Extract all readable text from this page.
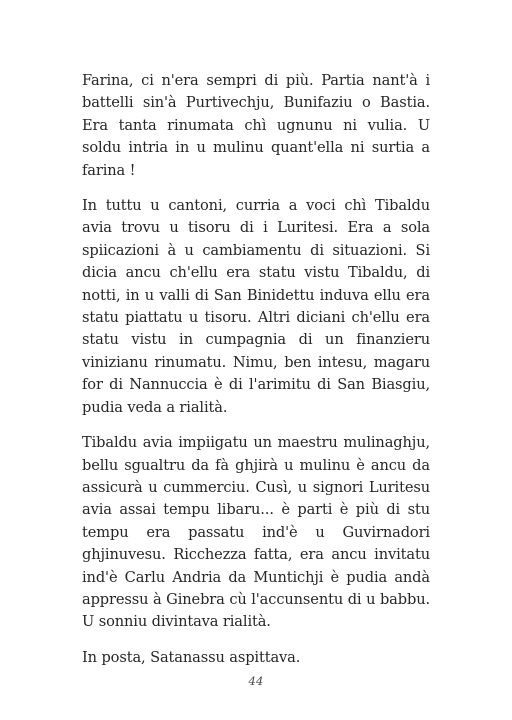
Farina, ci n'era sempri di più. Partia nant'à i battelli sin'à Purtivechju, Bunifaziu o Bastia. Era tanta rinumata chì ugnunu ni vulia. U soldu intria in u mulinu quant'ella ni surtia a farina !

In tuttu u cantoni, curria a voci chì Tibaldu avia trovu u tisoru di i Luritesi. Era a sola spiicazioni à u cambiamentu di situazioni. Si dicia ancu ch'ellu era statu vistu Tibaldu, di notti, in u valli di San Binidettu induva ellu era statu piattatu u tisoru. Altri diciani ch'ellu era statu vistu in cumpagnia di un finanzieru vinizianu rinumatu. Nimu, ben intesu, magaru for di Nannuccia è di l'arimitu di San Biasgiu, pudia veda a rialità.

Tibaldu avia impiigatu un maestru mulinaghju, bellu sgualtru da fà ghjirà u mulinu è ancu da assicurà u cummerciu. Cusì, u signori Luritesu avia assai tempu libaru... è parti è più di stu tempu era passatu ind'è u Guvirnadori ghjinuvesu. Ricchezza fatta, era ancu invitatu ind'è Carlu Andria da Muntichji è pudia andà appressu à Ginebra cù l'accunsentu di u babbu. U sonniu divintava rialità.

In posta, Satanassu aspittava.

44
